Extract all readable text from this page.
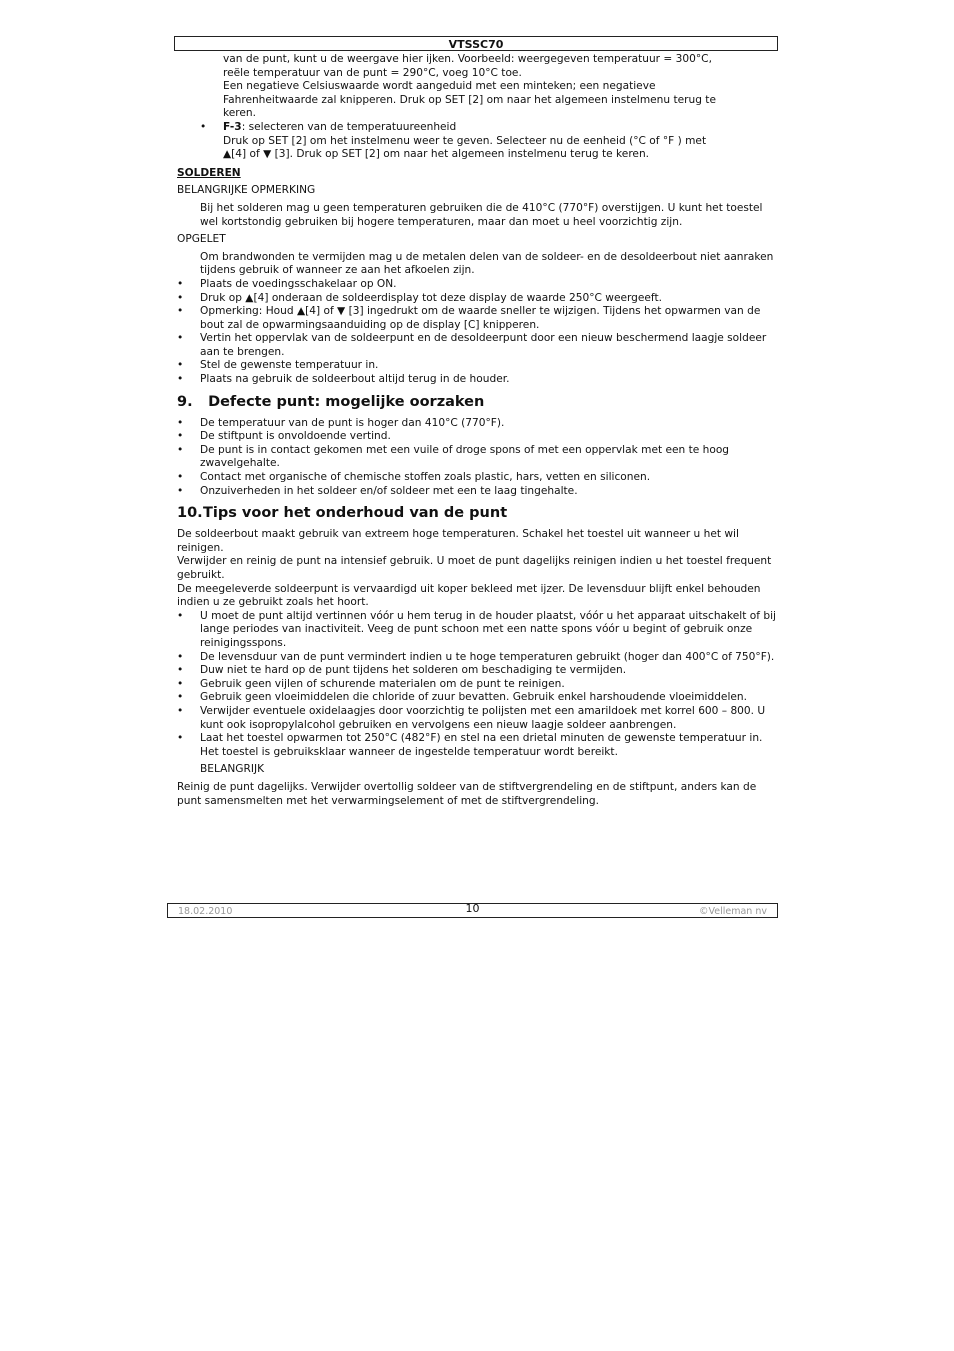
VTSSC70

van de punt, kunt u de weergave hier ijken. Voorbeeld: weergegeven temperatuur = 300°C,

reële temperatuur van de punt = 290°C, voeg 10°C toe.

Een negatieve Celsiuswaarde wordt aangeduid met een minteken; een negatieve

Fahrenheitwaarde zal knipperen. Druk op SET [2] om naar het algemeen instelmenu terug te

keren.

• F-3: selecteren van de temperatuureenheid

Druk op SET [2] om het instelmenu weer te geven. Selecteer nu de eenheid (°C of °F ) met

▲[4] of ▼ [3]. Druk op SET [2] om naar het algemeen instelmenu terug te keren.

SOLDEREN

BELANGRIJKE OPMERKING

Bij het solderen mag u geen temperaturen gebruiken die de 410°C (770°F) overstijgen. U kunt het toestel wel kortstondig gebruiken bij hogere temperaturen, maar dan moet u heel voorzichtig zijn.

OPGELET

Om brandwonden te vermijden mag u de metalen delen van de soldeer- en de desoldeerbout niet aanraken tijdens gebruik of wanneer ze aan het afkoelen zijn.

• Plaats de voedingsschakelaar op ON.
• Druk op ▲[4] onderaan de soldeerdisplay tot deze display de waarde 250°C weergeeft.
• Opmerking: Houd ▲[4] of ▼ [3] ingedrukt om de waarde sneller te wijzigen. Tijdens het opwarmen van de bout zal de opwarmingsaanduiding op de display [C] knipperen.
• Vertin het oppervlak van de soldeerpunt en de desoldeerpunt door een nieuw beschermend laagje soldeer aan te brengen.
• Stel de gewenste temperatuur in.
• Plaats na gebruik de soldeerbout altijd terug in de houder.
9. Defecte punt: mogelijke oorzaken
• De temperatuur van de punt is hoger dan 410°C (770°F).
• De stiftpunt is onvoldoende vertind.
• De punt is in contact gekomen met een vuile of droge spons of met een oppervlak met een te hoog zwavelgehalte.
• Contact met organische of chemische stoffen zoals plastic, hars, vetten en siliconen.
• Onzuiverheden in het soldeer en/of soldeer met een te laag tingehalte.
10.Tips voor het onderhoud van de punt

De soldeerbout maakt gebruik van extreem hoge temperaturen. Schakel het toestel uit wanneer u het wil reinigen.

Verwijder en reinig de punt na intensief gebruik. U moet de punt dagelijks reinigen indien u het toestel frequent gebruikt.

De meegeleverde soldeerpunt is vervaardigd uit koper bekleed met ijzer. De levensduur blijft enkel behouden indien u ze gebruikt zoals het hoort.

• U moet de punt altijd vertinnen vóór u hem terug in de houder plaatst, vóór u het apparaat uitschakelt of bij lange periodes van inactiviteit. Veeg de punt schoon met een natte spons vóór u begint of gebruik onze reinigingsspons.
• De levensduur van de punt vermindert indien u te hoge temperaturen gebruikt (hoger dan 400°C of 750°F).
• Duw niet te hard op de punt tijdens het solderen om beschadiging te vermijden.
• Gebruik geen vijlen of schurende materialen om de punt te reinigen.
• Gebruik geen vloeimiddelen die chloride of zuur bevatten. Gebruik enkel harshoudende vloeimiddelen.
• Verwijder eventuele oxidelaagjes door voorzichtig te polijsten met een amarildoek met korrel 600 – 800. U kunt ook isopropylalcohol gebruiken en vervolgens een nieuw laagje soldeer aanbrengen.
• Laat het toestel opwarmen tot 250°C (482°F) en stel na een drietal minuten de gewenste temperatuur in. Het toestel is gebruiksklaar wanneer de ingestelde temperatuur wordt bereikt.

BELANGRIJK

Reinig de punt dagelijks. Verwijder overtollig soldeer van de stiftvergrendeling en de stiftpunt, anders kan de punt samensmelten met het verwarmingselement of met de stiftvergrendeling.

18.02.2010	10	©Velleman nv
